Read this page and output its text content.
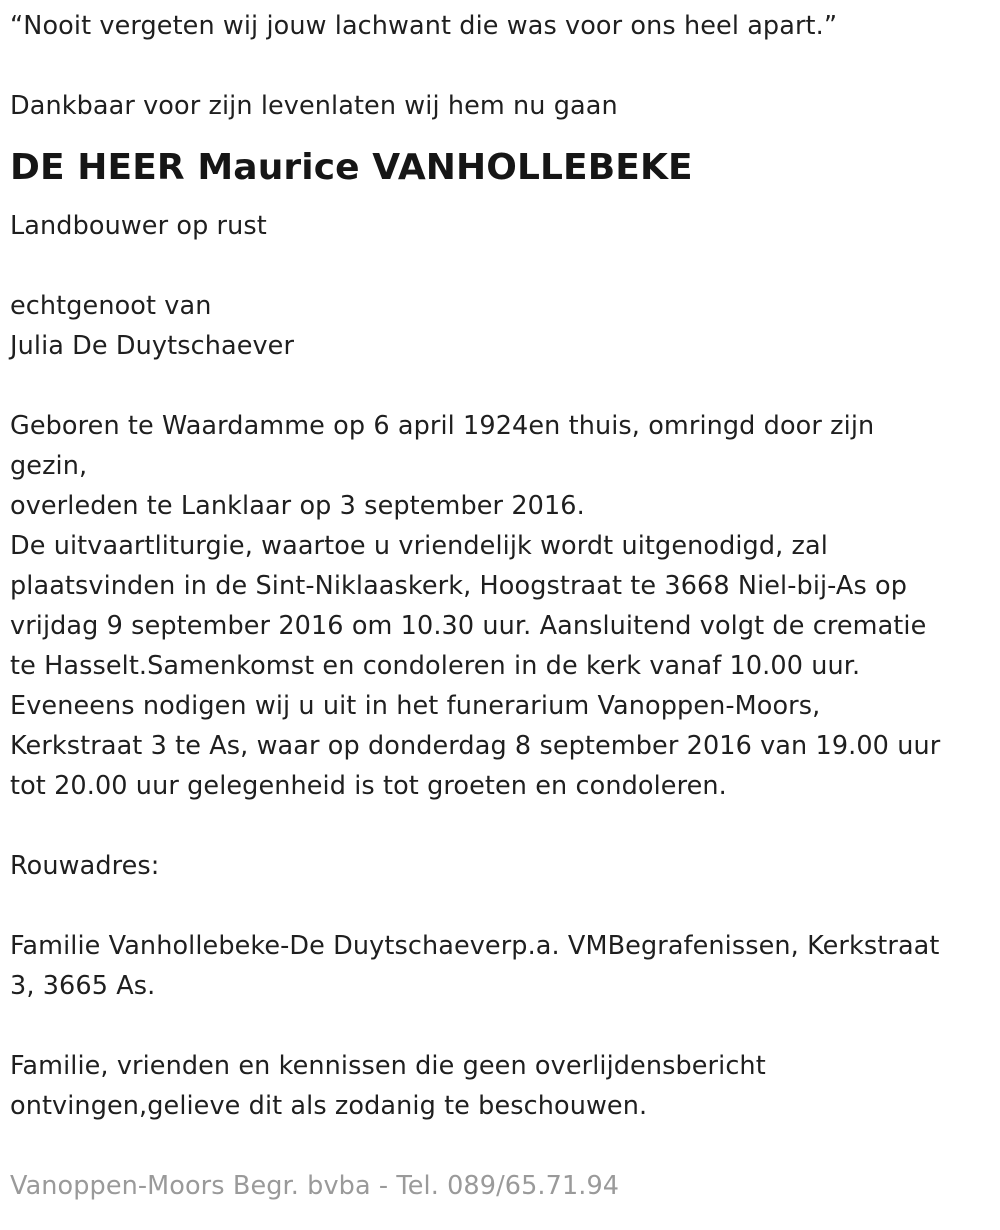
“Nooit vergeten wij jouw lachwant die was voor ons heel apart.”
Dankbaar voor zijn levenlaten wij hem nu gaan
DE HEER Maurice VANHOLLEBEKE
Landbouwer op rust
echtgenoot van
Julia De Duytschaever
Geboren te Waardamme op 6 april 1924en thuis, omringd door zijn
gezin,
overleden te Lanklaar op 3 september 2016.
De uitvaartliturgie, waartoe u vriendelijk wordt uitgenodigd, zal
plaatsvinden in de Sint-Niklaaskerk, Hoogstraat te 3668 Niel-bij-As op
vrijdag 9 september 2016 om 10.30 uur. Aansluitend volgt de crematie
te Hasselt.Samenkomst en condoleren in de kerk vanaf 10.00 uur.
Eveneens nodigen wij u uit in het funerarium Vanoppen-Moors,
Kerkstraat 3 te As, waar op donderdag 8 september 2016 van 19.00 uur
tot 20.00 uur gelegenheid is tot groeten en condoleren.
Rouwadres:
Familie Vanhollebeke-De Duytschaeverp.a. VMBegrafenissen, Kerkstraat
3, 3665 As.
Familie, vrienden en kennissen die geen overlijdensbericht
ontvingen,gelieve dit als zodanig te beschouwen.
Vanoppen-Moors Begr. bvba - Tel. 089/65.71.94
